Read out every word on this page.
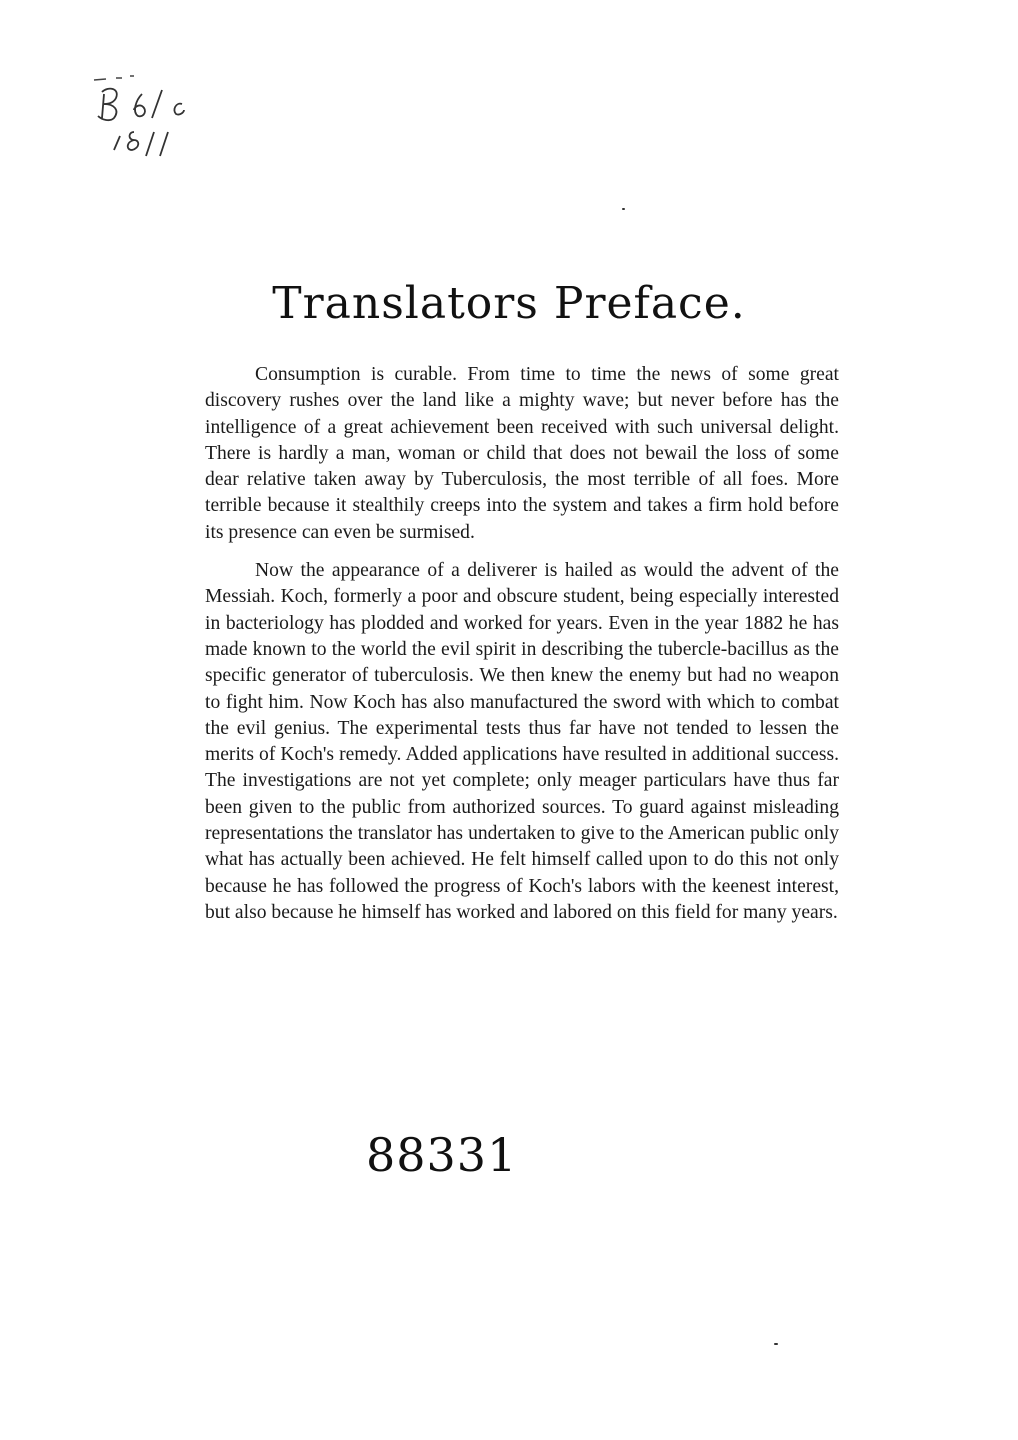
Translators Preface.

Consumption is curable. From time to time the news of some great discovery rushes over the land like a mighty wave; but never before has the intelligence of a great achievement been received with such universal delight. There is hardly a man, woman or child that does not bewail the loss of some dear relative taken away by Tuberculosis, the most terrible of all foes. More terrible because it stealthily creeps into the system and takes a firm hold before its presence can even be surmised.

Now the appearance of a deliverer is hailed as would the advent of the Messiah. Koch, formerly a poor and obscure student, being especially interested in bacteriology has plodded and worked for years. Even in the year 1882 he has made known to the world the evil spirit in describing the tubercle-bacillus as the specific generator of tuberculosis. We then knew the enemy but had no weapon to fight him. Now Koch has also manufactured the sword with which to combat the evil genius. The experimental tests thus far have not tended to lessen the merits of Koch's remedy. Added applications have resulted in additional success. The investigations are not yet complete; only meager particulars have thus far been given to the public from authorized sources. To guard against misleading representations the translator has undertaken to give to the American public only what has actually been achieved. He felt himself called upon to do this not only because he has followed the progress of Koch's labors with the keenest interest, but also because he himself has worked and labored on this field for many years.

88331
